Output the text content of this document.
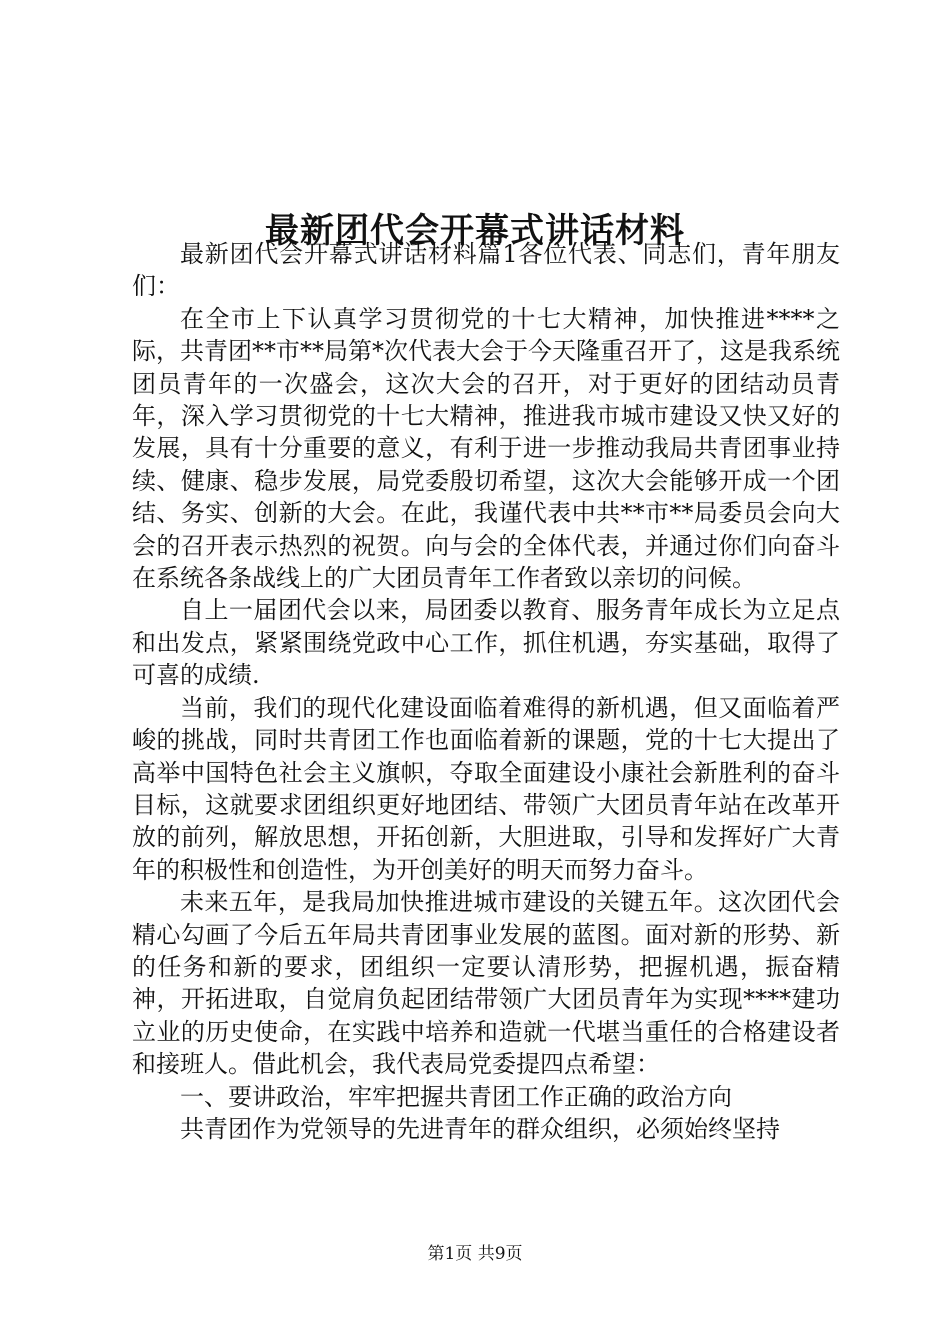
最新团代会开幕式讲话材料

最新团代会开幕式讲话材料篇1各位代表、同志们，青年朋友们：

在全市上下认真学习贯彻党的十七大精神，加快推进****之际，共青团**市**局第*次代表大会于今天隆重召开了，这是我系统团员青年的一次盛会，这次大会的召开，对于更好的团结动员青年，深入学习贯彻党的十七大精神，推进我市城市建设又快又好的发展，具有十分重要的意义，有利于进一步推动我局共青团事业持续、健康、稳步发展，局党委殷切希望，这次大会能够开成一个团结、务实、创新的大会。在此，我谨代表中共**市**局委员会向大会的召开表示热烈的祝贺。向与会的全体代表，并通过你们向奋斗在系统各条战线上的广大团员青年工作者致以亲切的问候。

自上一届团代会以来，局团委以教育、服务青年成长为立足点和出发点，紧紧围绕党政中心工作，抓住机遇，夯实基础，取得了可喜的成绩.

当前，我们的现代化建设面临着难得的新机遇，但又面临着严峻的挑战，同时共青团工作也面临着新的课题，党的十七大提出了高举中国特色社会主义旗帜，夺取全面建设小康社会新胜利的奋斗目标，这就要求团组织更好地团结、带领广大团员青年站在改革开放的前列，解放思想，开拓创新，大胆进取，引导和发挥好广大青年的积极性和创造性，为开创美好的明天而努力奋斗。

未来五年，是我局加快推进城市建设的关键五年。这次团代会精心勾画了今后五年局共青团事业发展的蓝图。面对新的形势、新的任务和新的要求，团组织一定要认清形势，把握机遇，振奋精神，开拓进取，自觉肩负起团结带领广大团员青年为实现****建功立业的历史使命，在实践中培养和造就一代堪当重任的合格建设者和接班人。借此机会，我代表局党委提四点希望：

一、要讲政治，牢牢把握共青团工作正确的政治方向

共青团作为党领导的先进青年的群众组织，必须始终坚持

第1页 共9页
